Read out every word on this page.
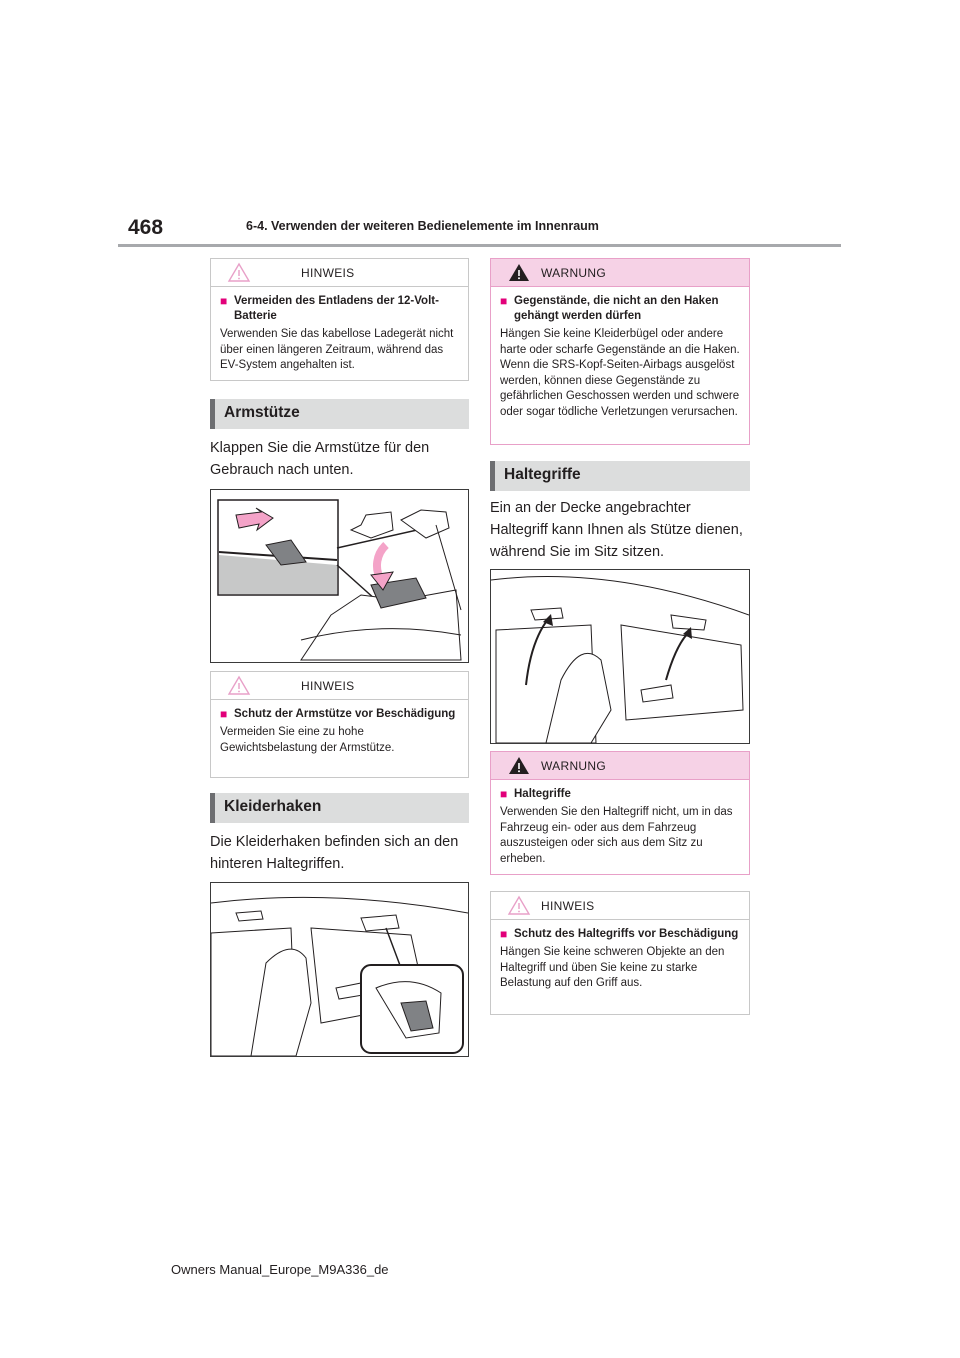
468	6-4. Verwenden der weiteren Bedienelemente im Innenraum
HINWEIS
■ Vermeiden des Entladens der 12-Volt-Batterie
Verwenden Sie das kabellose Ladegerät nicht über einen längeren Zeitraum, während das EV-System angehalten ist.
Armstütze
Klappen Sie die Armstütze für den Gebrauch nach unten.
HINWEIS
■ Schutz der Armstütze vor Beschädigung
Vermeiden Sie eine zu hohe Gewichtsbelastung der Armstütze.
Kleiderhaken
Die Kleiderhaken befinden sich an den hinteren Haltegriffen.
WARNUNG
■ Gegenstände, die nicht an den Haken gehängt werden dürfen
Hängen Sie keine Kleiderbügel oder andere harte oder scharfe Gegenstände an die Haken. Wenn die SRS-Kopf-Seiten-Airbags ausgelöst werden, können diese Gegenstände zu gefährlichen Geschossen werden und schwere oder sogar tödliche Verletzungen verursachen.
Haltegriffe
Ein an der Decke angebrachter Haltegriff kann Ihnen als Stütze dienen, während Sie im Sitz sitzen.
WARNUNG
■ Haltegriffe
Verwenden Sie den Haltegriff nicht, um in das Fahrzeug ein- oder aus dem Fahrzeug auszusteigen oder sich aus dem Sitz zu erheben.
HINWEIS
■ Schutz des Haltegriffs vor Beschädigung
Hängen Sie keine schweren Objekte an den Haltegriff und üben Sie keine zu starke Belastung auf den Griff aus.
Owners Manual_Europe_M9A336_de
